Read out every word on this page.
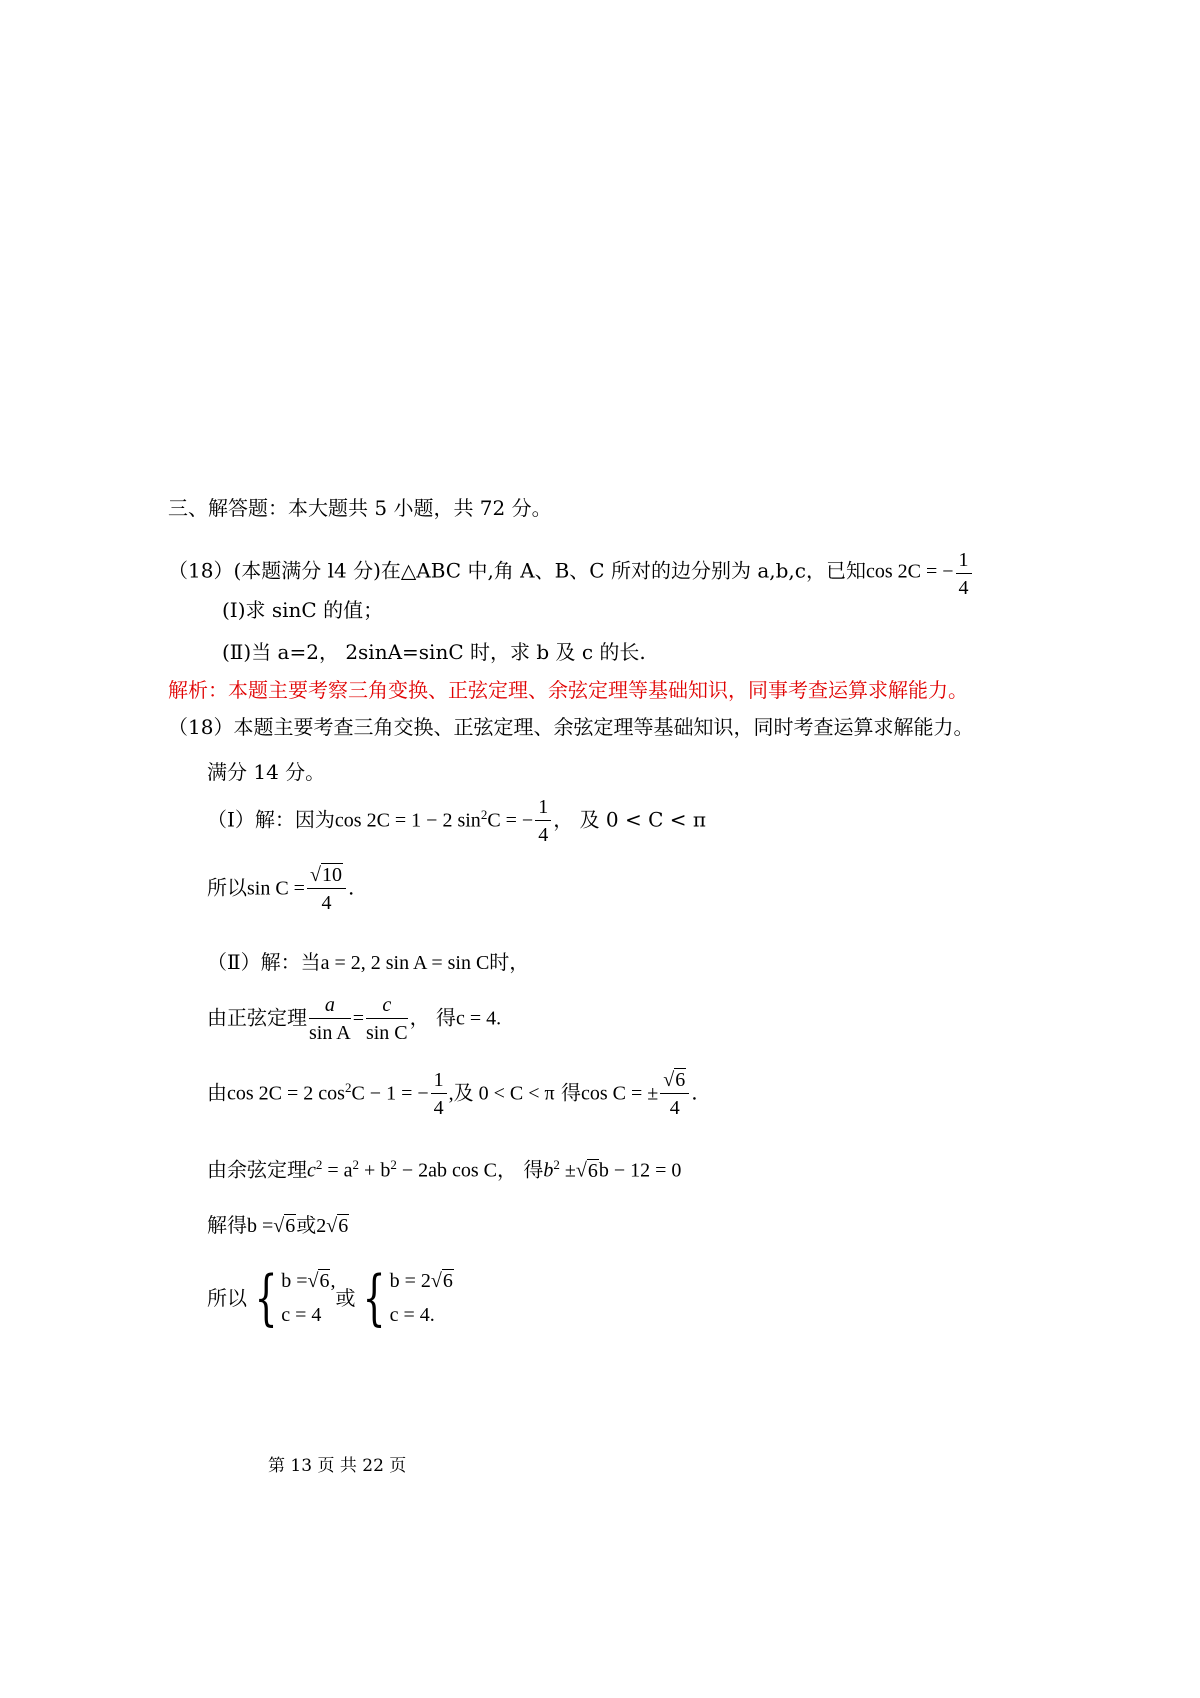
三、解答题：本大题共 5 小题，共 72 分。
（18）(本题满分 l4 分)在△ABC 中,角 A、B、C 所对的边分别为 a,b,c，已知cos 2C = − $\frac{1}{4}$
(I)求 sinC 的值；
(Ⅱ)当 a=2， 2sinA=sinC 时，求 b 及 c 的长.
解析：本题主要考察三角变换、正弦定理、余弦定理等基础知识，同事考查运算求解能力。
（18）本题主要考查三角交换、正弦定理、余弦定理等基础知识，同时考查运算求解能力。
满分 14 分。
（Ⅰ）解：因为cos 2C = 1 − 2 $\sin^2C$ = − $\frac{1}{4}$ ， 及 0 < C < π
所以$\sin C = \frac{√10}{4}$ .
（Ⅱ）解：当a = 2, 2 sin A = sin C时，
由正弦定理 $\frac{a}{\text{sin A}} = \frac{c}{\text{sin C}}$ ， 得c = 4.
由cos 2C = 2 $\cos^2C - 1$ = − $\frac{1}{4}$ ,及 0 < C < π 得cos C = ± $\frac{√6}{4}$ .
由余弦定理$c^2 = a^2 + b^2 - 2ab$ cos C， 得$b^2 \pm√6b - 12 = 0$
解得b =√6或2√6
所以 { b =√6,
c = 4
或 { b = 2√6
c = 4.
第 13 页 共 22 页
